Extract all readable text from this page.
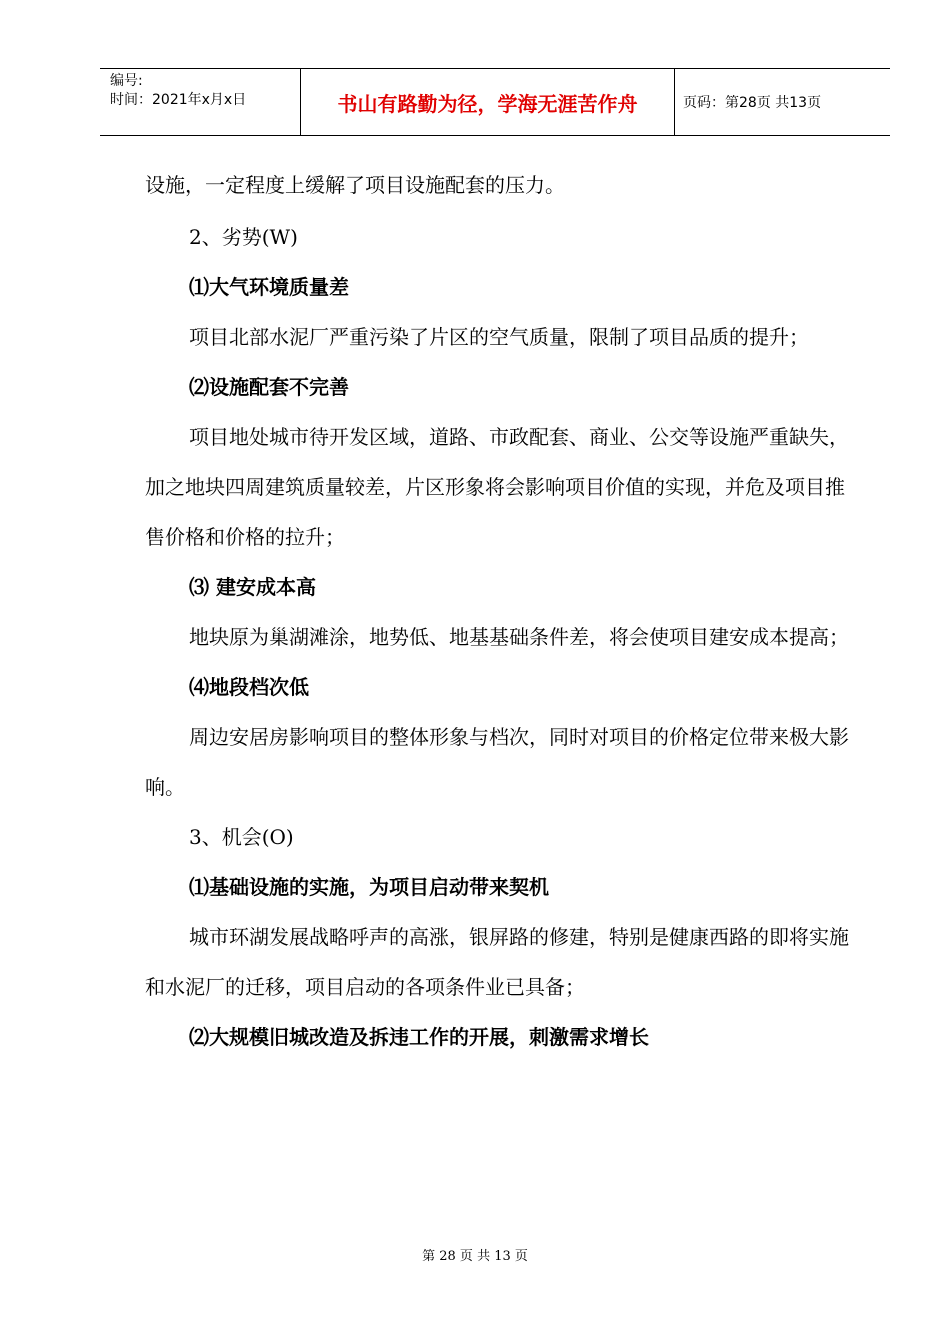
编号:
时间：2021年x月x日	书山有路勤为径，学海无涯苦作舟	页码：第28页 共13页

设施，一定程度上缓解了项目设施配套的压力。

2、劣势(W)

⑴大气环境质量差

项目北部水泥厂严重污染了片区的空气质量，限制了项目品质的提升；

⑵设施配套不完善

项目地处城市待开发区域，道路、市政配套、商业、公交等设施严重缺失，加之地块四周建筑质量较差，片区形象将会影响项目价值的实现，并危及项目推售价格和价格的拉升；

⑶ 建安成本高

地块原为巢湖滩涂，地势低、地基基础条件差，将会使项目建安成本提高；

⑷地段档次低

周边安居房影响项目的整体形象与档次，同时对项目的价格定位带来极大影响。

3、机会(O)

⑴基础设施的实施，为项目启动带来契机

城市环湖发展战略呼声的高涨，银屏路的修建，特别是健康西路的即将实施和水泥厂的迁移，项目启动的各项条件业已具备；

⑵大规模旧城改造及拆违工作的开展，刺激需求增长

第 28 页 共 13 页
